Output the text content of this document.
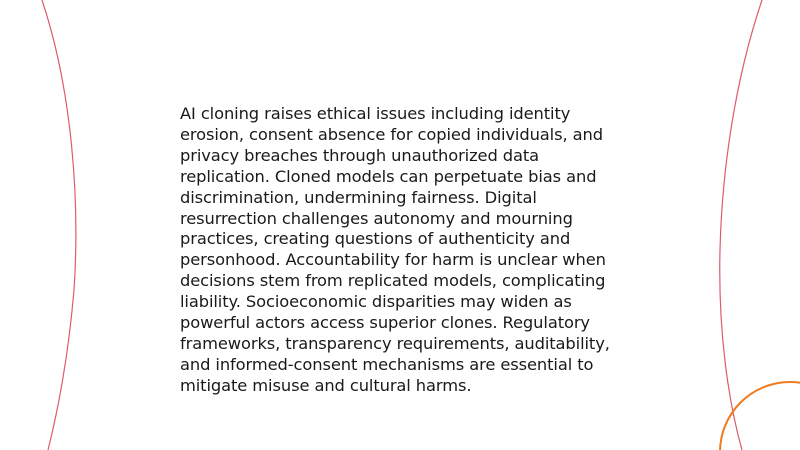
AI cloning raises ethical issues including identity
erosion, consent absence for copied individuals, and
privacy breaches through unauthorized data
replication. Cloned models can perpetuate bias and
discrimination, undermining fairness. Digital
resurrection challenges autonomy and mourning
practices, creating questions of authenticity and
personhood. Accountability for harm is unclear when
decisions stem from replicated models, complicating
liability. Socioeconomic disparities may widen as
powerful actors access superior clones. Regulatory
frameworks, transparency requirements, auditability,
and informed-consent mechanisms are essential to
mitigate misuse and cultural harms.
